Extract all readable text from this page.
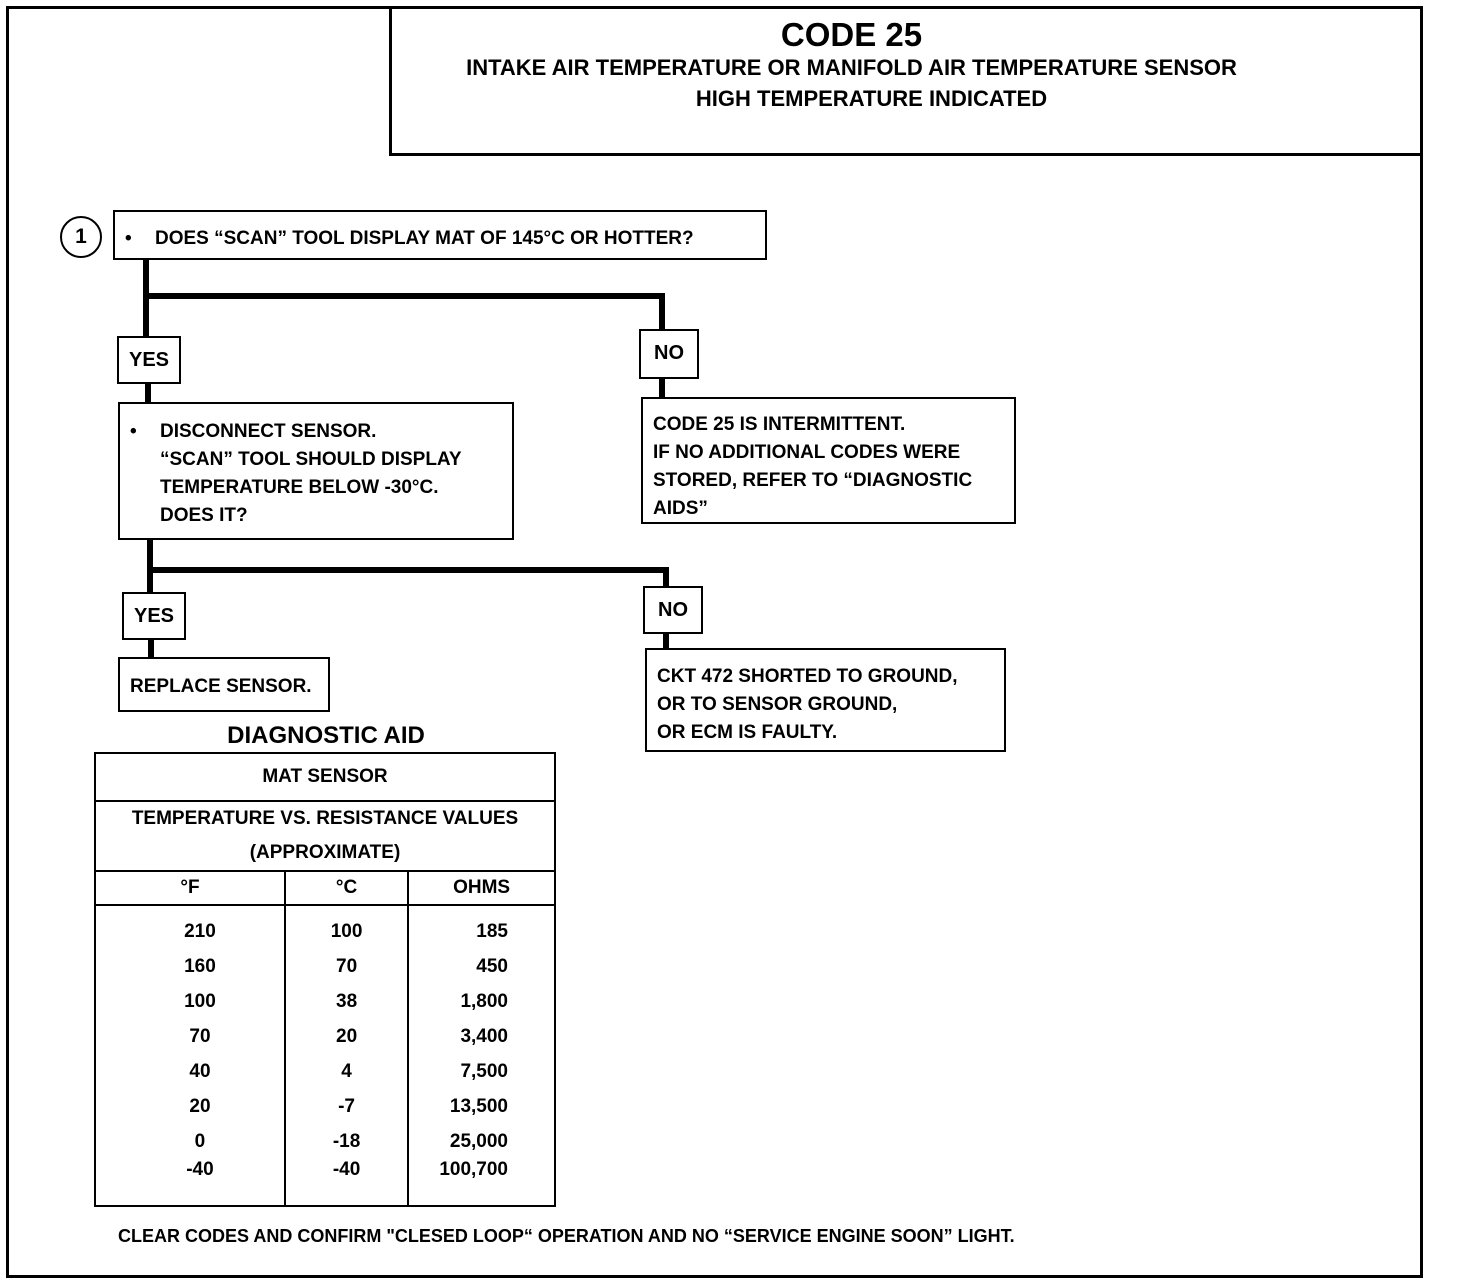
CODE 25
INTAKE AIR TEMPERATURE OR MANIFOLD AIR TEMPERATURE SENSOR
HIGH TEMPERATURE INDICATED
1	•	DOES “SCAN” TOOL DISPLAY MAT OF 145°C OR HOTTER?
YES	NO
•	DISCONNECT SENSOR.
“SCAN” TOOL SHOULD DISPLAY
TEMPERATURE BELOW -30°C.
DOES IT?
CODE 25 IS INTERMITTENT.
IF NO ADDITIONAL CODES WERE
STORED, REFER TO “DIAGNOSTIC
AIDS”
YES	NO
REPLACE SENSOR.	CKT 472 SHORTED TO GROUND,
OR TO SENSOR GROUND,
OR ECM IS FAULTY.
DIAGNOSTIC AID
MAT SENSOR		

TEMPERATURE VS. RESISTANCE VALUES
(APPROXIMATE)		

°F	°C	OHMS
210	100	185
160	70	450
100	38	1,800
70	20	3,400
40	4	7,500
20	-7	13,500
0	-18	25,000
-40	-40	100,700
CLEAR CODES AND CONFIRM "CLESED LOOP“ OPERATION AND NO “SERVICE ENGINE SOON” LIGHT.
